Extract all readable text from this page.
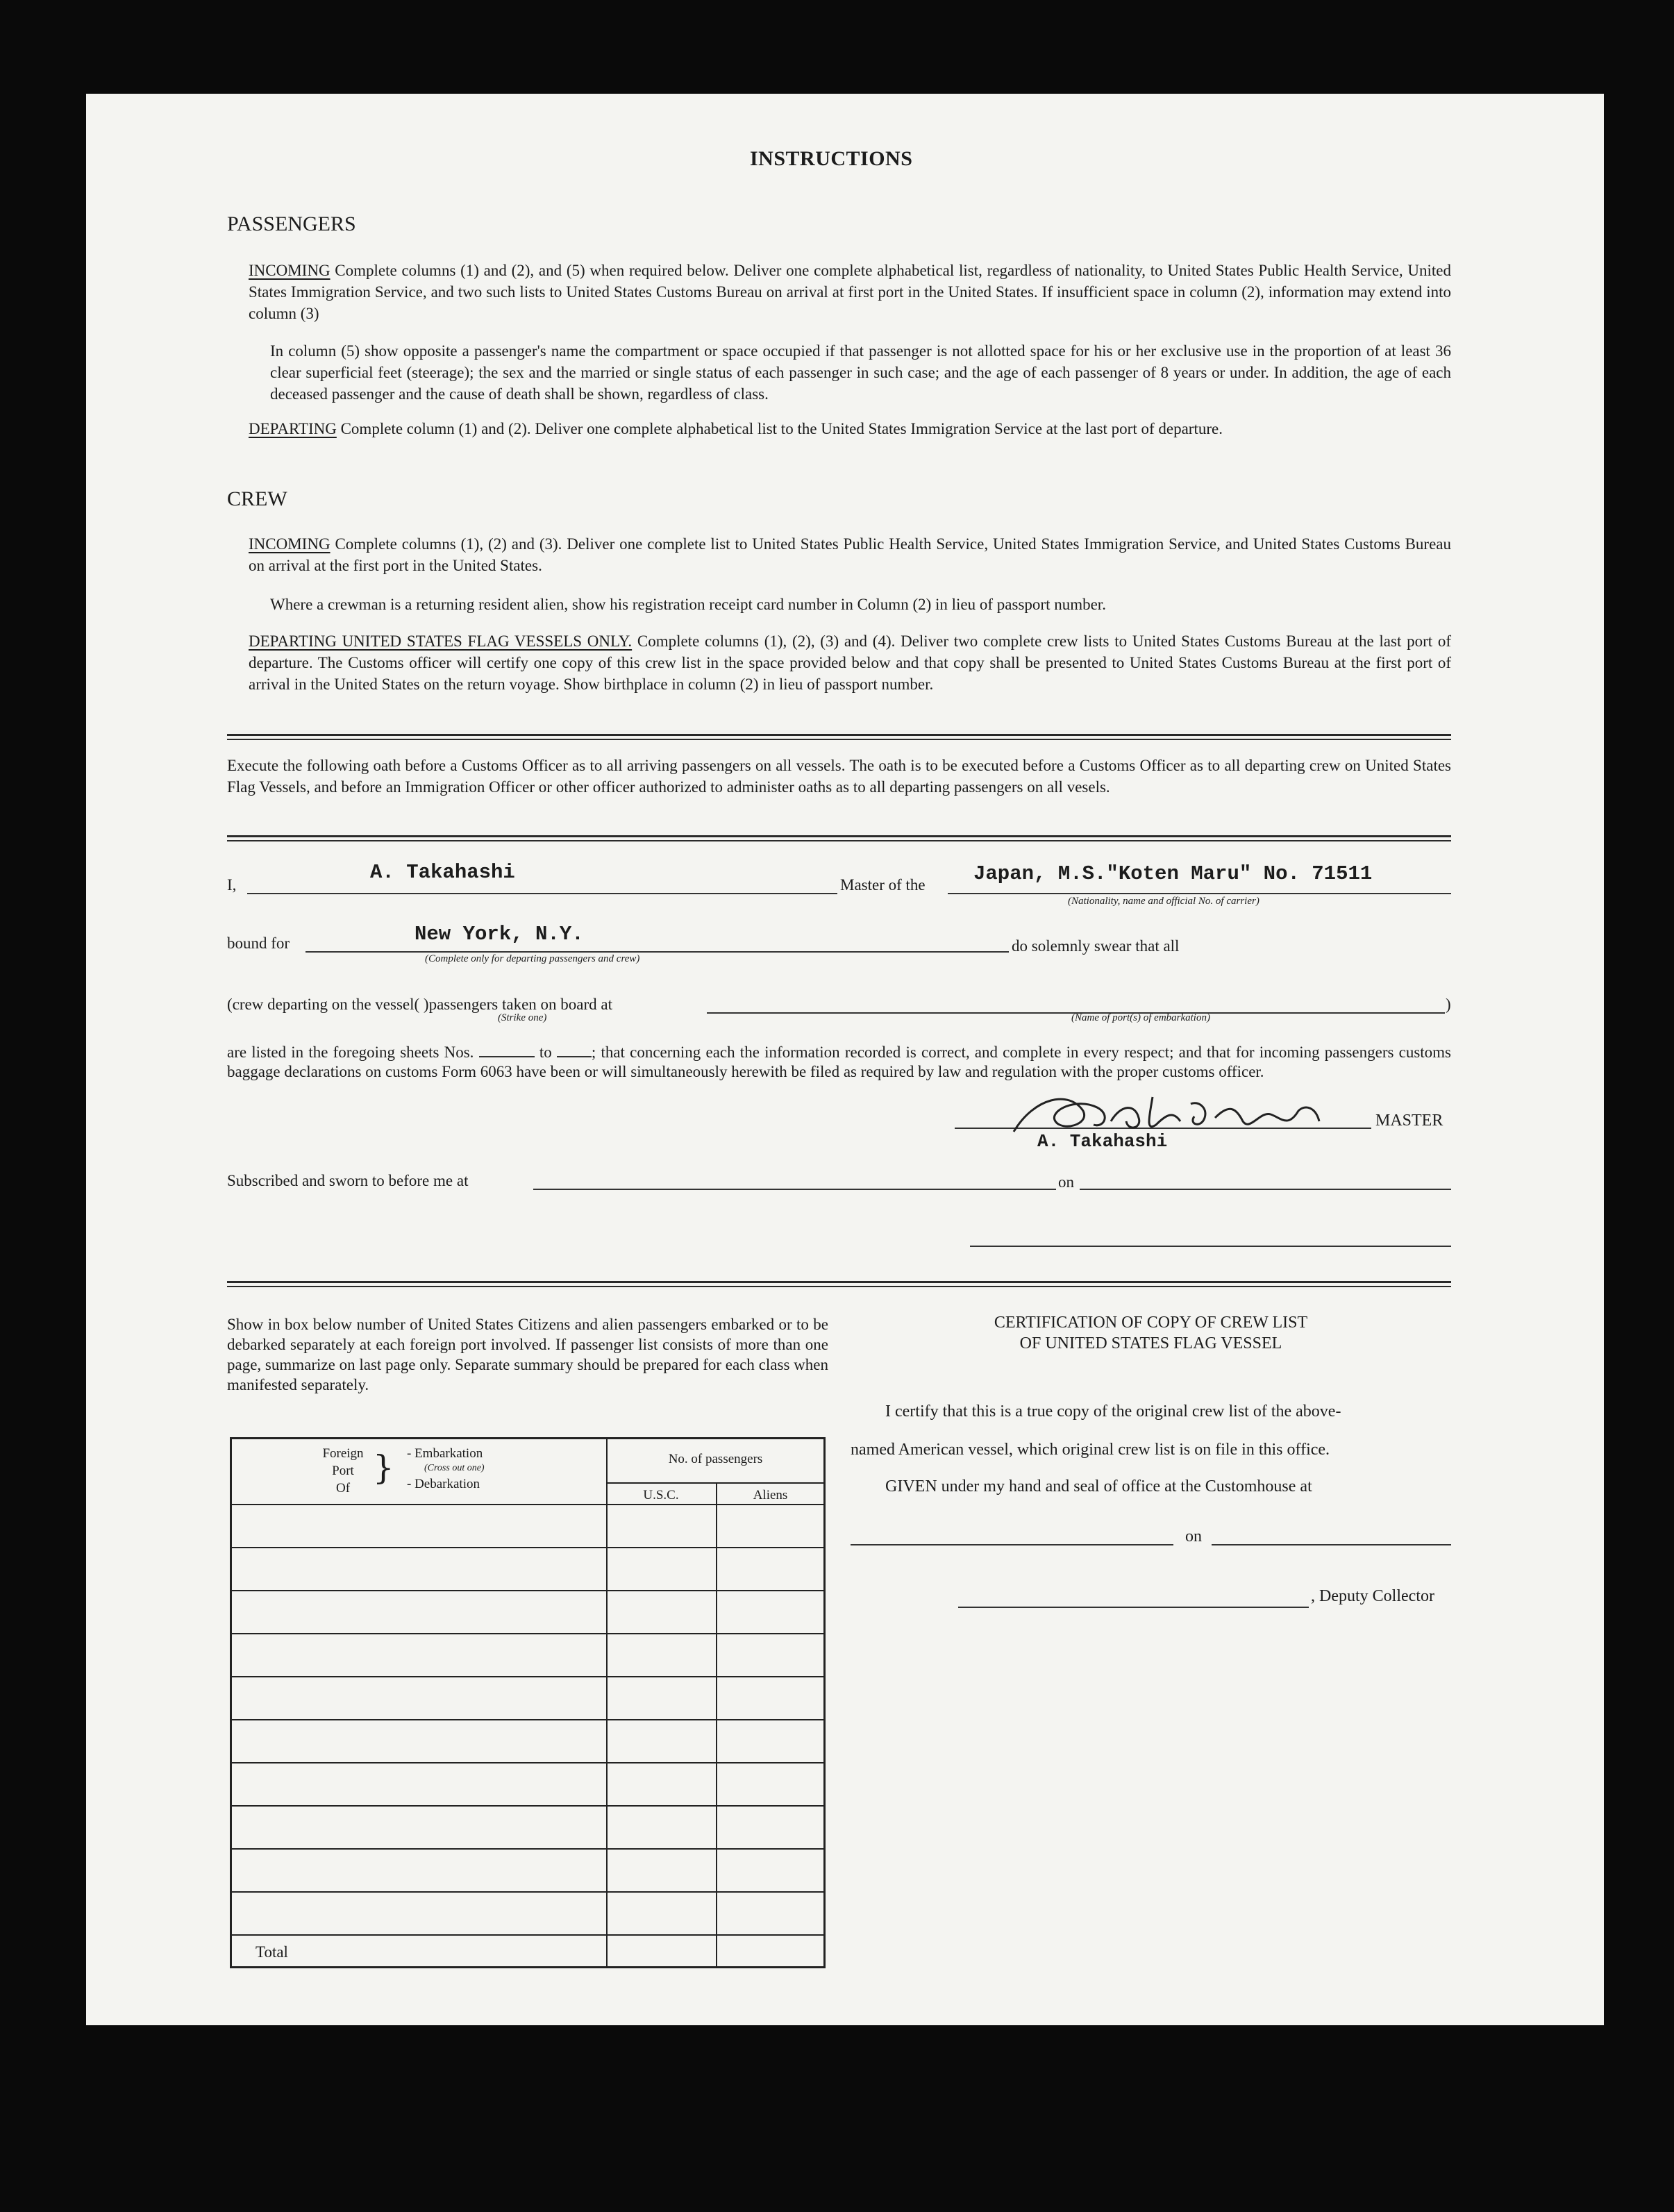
INSTRUCTIONS
PASSENGERS
INCOMING Complete columns (1) and (2), and (5) when required below. Deliver one complete alphabetical list, regardless of nationality, to United States Public Health Service, United States Immigration Service, and two such lists to United States Customs Bureau on arrival at first port in the United States. If insufficient space in column (2), information may extend into column (3)
In column (5) show opposite a passenger's name the compartment or space occupied if that passenger is not allotted space for his or her exclusive use in the proportion of at least 36 clear superficial feet (steerage); the sex and the married or single status of each passenger in such case; and the age of each passenger of 8 years or under. In addition, the age of each deceased passenger and the cause of death shall be shown, regardless of class.
DEPARTING Complete column (1) and (2). Deliver one complete alphabetical list to the United States Immigration Service at the last port of departure.
CREW
INCOMING Complete columns (1), (2) and (3). Deliver one complete list to United States Public Health Service, United States Immigration Service, and United States Customs Bureau on arrival at the first port in the United States.
Where a crewman is a returning resident alien, show his registration receipt card number in Column (2) in lieu of passport number.
DEPARTING UNITED STATES FLAG VESSELS ONLY. Complete columns (1), (2), (3) and (4). Deliver two complete crew lists to United States Customs Bureau at the last port of departure. The Customs officer will certify one copy of this crew list in the space provided below and that copy shall be presented to United States Customs Bureau at the first port of arrival in the United States on the return voyage. Show birthplace in column (2) in lieu of passport number.
Execute the following oath before a Customs Officer as to all arriving passengers on all vessels. The oath is to be executed before a Customs Officer as to all departing crew on United States Flag Vessels, and before an Immigration Officer or other officer authorized to administer oaths as to all departing passengers on all vesels.
I,
A. Takahashi
Master of the Japan, M.S."Koten Maru" No. 71511
(Nationality, name and official No. of carrier)
bound for	New York, N.Y.
(Complete only for departing passengers and crew)
do solemnly swear that all
(crew departing on the vessel( )passengers taken on board at
(Strike one)
)
(Name of port(s) of embarkation)
are listed in the foregoing sheets Nos.	to ; that concerning each the information recorded is correct, and complete in every respect; and that for incoming passengers customs baggage declarations on customs Form 6063 have been or will simultaneously herewith be filed as required by law and regulation with the proper customs officer.
MASTER
A. Takahashi
Subscribed and sworn to before me at	on
Show in box below number of United States Citizens and alien passengers embarked or to be debarked separately at each foreign port involved. If passenger list consists of more than one page, summarize on last page only. Separate summary should be prepared for each class when manifested separately.
Foreign
Port
Of
} - Embarkation
(Cross out one)
- Debarkation
No. of passengers
U.S.C.	Aliens
Total
CERTIFICATION OF COPY OF CREW LIST
OF UNITED STATES FLAG VESSEL
I certify that this is a true copy of the original crew list of the above-
named American vessel, which original crew list is on file in this office.
GIVEN under my hand and seal of office at the Customhouse at
on
, Deputy Collector
